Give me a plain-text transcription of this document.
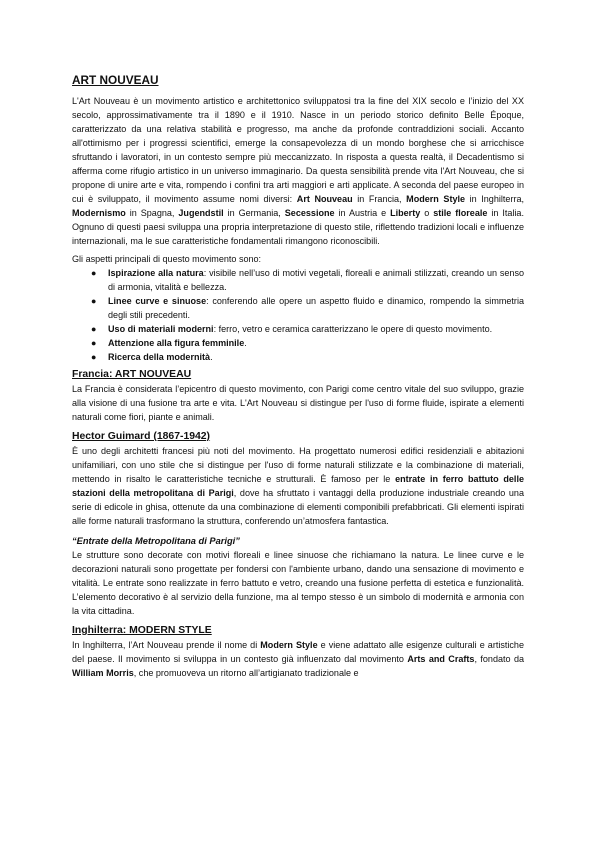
ART NOUVEAU

L'Art Nouveau è un movimento artistico e architettonico sviluppatosi tra la fine del XIX secolo e l’inizio del XX secolo, approssimativamente tra il 1890 e il 1910. Nasce in un periodo storico definito Belle Époque, caratterizzato da una relativa stabilità e progresso, ma anche da profonde contraddizioni sociali. Accanto all'ottimismo per i progressi scientifici, emerge la consapevolezza di un mondo borghese che si arricchisce sfruttando i lavoratori, in un contesto sempre più meccanizzato. In risposta a questa realtà, il Decadentismo si afferma come rifugio artistico in un universo immaginario. Da questa sensibilità prende vita l'Art Nouveau, che si propone di unire arte e vita, rompendo i confini tra arti maggiori e arti applicate. A seconda del paese europeo in cui è sviluppato, il movimento assume nomi diversi: Art Nouveau in Francia, Modern Style in Inghilterra, Modernismo in Spagna, Jugendstil in Germania, Secessione in Austria e Liberty o stile floreale in Italia. Ognuno di questi paesi sviluppa una propria interpretazione di questo stile, riflettendo tradizioni locali e influenze internazionali, ma le sue caratteristiche fondamentali rimangono riconoscibili.

Gli aspetti principali di questo movimento sono:

● Ispirazione alla natura: visibile nell’uso di motivi vegetali, floreali e animali stilizzati, creando un senso di armonia, vitalità e bellezza.
● Linee curve e sinuose: conferendo alle opere un aspetto fluido e dinamico, rompendo la simmetria degli stili precedenti.
● Uso di materiali moderni: ferro, vetro e ceramica caratterizzano le opere di questo movimento.
● Attenzione alla figura femminile.
● Ricerca della modernità.
Francia: ART NOUVEAU

La Francia è considerata l’epicentro di questo movimento, con Parigi come centro vitale del suo sviluppo, grazie alla visione di una fusione tra arte e vita. L'Art Nouveau si distingue per l'uso di forme fluide, ispirate a elementi naturali come fiori, piante e animali.

Hector Guimard (1867-1942)

È uno degli architetti francesi più noti del movimento. Ha progettato numerosi edifici residenziali e abitazioni unifamiliari, con uno stile che si distingue per l'uso di forme naturali stilizzate e la combinazione di materiali, mettendo in risalto le caratteristiche tecniche e strutturali. È famoso per le entrate in ferro battuto delle stazioni della metropolitana di Parigi, dove ha sfruttato i vantaggi della produzione industriale creando una serie di edicole in ghisa, ottenute da una combinazione di elementi componibili prefabbricati. Gli elementi ispirati alle forme naturali trasformano la struttura, conferendo un’atmosfera fantastica.

“Entrate della Metropolitana di Parigi”

Le strutture sono decorate con motivi floreali e linee sinuose che richiamano la natura. Le linee curve e le decorazioni naturali sono progettate per fondersi con l'ambiente urbano, dando una sensazione di movimento e vitalità. Le entrate sono realizzate in ferro battuto e vetro, creando una fusione perfetta di estetica e funzionalità. L’elemento decorativo è al servizio della funzione, ma al tempo stesso è un simbolo di modernità e armonia con la vita cittadina.

Inghilterra: MODERN STYLE

In Inghilterra, l’Art Nouveau prende il nome di Modern Style e viene adattato alle esigenze culturali e artistiche del paese. Il movimento si sviluppa in un contesto già influenzato dal movimento Arts and Crafts, fondato da William Morris, che promuoveva un ritorno all’artigianato tradizionale e
